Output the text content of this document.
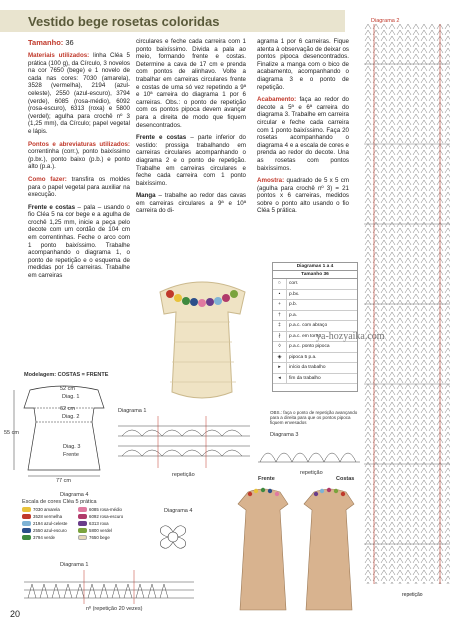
Vestido bege rosetas coloridas
Tamanho: 36

Materiais utilizados: linha Cléa 5 prática (100 g), da Círculo, 3 novelos na cor 7650 (bege) e 1 novelo de cada nas cores: 7030 (amarela), 3528 (vermelha), 2194 (azul-celeste), 2550 (azul-escuro), 3794 (verde), 6085 (rosa-médio), 6092 (rosa-escuro), 6313 (roxa) e 5800 (verdel); agulha para crochê nº 3 (1,25 mm), da Círculo; papel vegetal e lápis.

Pontos e abreviaturas utilizados: correntinha (corr.), ponto baixíssimo (p.bx.), ponto baixo (p.b.) e ponto alto (p.a.).

Como fazer: transfira os moldes para o papel vegetal para auxiliar na execução.

Frente e costas – pala – usando o fio Cléa 5 na cor bege e a agulha de crochê 1,25 mm, inicie a peça pelo decote com um cordão de 104 cm em correntinhas. Feche o arco com 1 ponto baixíssimo. Trabalhe acompanhando o diagrama 1, o ponto de repetição e o esquema de medidas por 16 carreiras. Trabalhe em carreiras

circulares e feche cada carreira com 1 ponto baixíssimo. Divida a pala ao meio, formando frente e costas. Determine a cava de 17 cm e prenda com pontos de alinhavo. Volte a trabalhar em carreiras circulares frente e costas de uma só vez repetindo a 9ª e 10ª carreira do diagrama 1 por 6 carreiras. Obs.: o ponto de repetição com os pontos pipoca devem avançar para a direita de modo que fiquem desencontrados.

Frente e costas – parte inferior do vestido: prossiga trabalhando em carreiras circulares acompanhando o diagrama 2 e o ponto de repetição. Trabalhe em carreiras circulares e feche cada carreira com 1 ponto baixíssimo.

Manga – trabalhe ao redor das cavas em carreiras circulares a 9ª e 10ª carreira do di-

agrama 1 por 6 carreiras. Fique atenta à observação de deixar os pontos pipoca desencontrados. Finalize a manga com o bico de acabamento, acompanhando o diagrama 3 e o ponto de repetição.

Acabamento: faça ao redor do decote a 5ª e 6ª carreira do diagrama 3. Trabalhe em carreira circular e feche cada carreira com 1 ponto baixíssimo. Faça 20 rosetas acompanhando o diagrama 4 e a escala de cores e prenda ao redor do decote. Una as rosetas com pontos baixíssimos.

Amostra: quadrado de 5 x 5 cm (agulha para crochê nº 3) = 21 pontos x 6 carreiras, medidos sobre o ponto alto usando o fio Cléa 5 prática.

Diagrama 2
repetição
Diagramas 1 a 4
Tamanho 36
○	corr.
•	p.bx.
+	p.b.
†	p.a.
‡	p.a.c. com abraço
∤	p.a.c. em torno
◊	p.a.c. ponto pipoca
◈	pipoca 5 p.a.
▸	início da trabalho
◂	fim da trabalho
ya-hozyaika.com
Modelagem: COSTAS = FRENTE
52 cm
Diag. 1
62 cm
Diag. 2
Diag. 3
Frente
55 cm
77 cm
Diagrama 1
repetição
OBS.: faça o ponto de repetição avançando para a direita para que os pontos pipoca fiquem envesados
Diagrama 3
repetição
Diagrama 4
Escala de cores Cléa 5 prática
7030 amarela	6085 rosa-médio
3528 vermelha	6092 rosa-escuro
2194 azul-celeste	6313 roxa
2550 azul-escuro	5800 verdel
3794 verde	7650 bege
Diagrama 4
Frente	Costas
Diagrama 1
nº (repetição 20 vezes)
20
